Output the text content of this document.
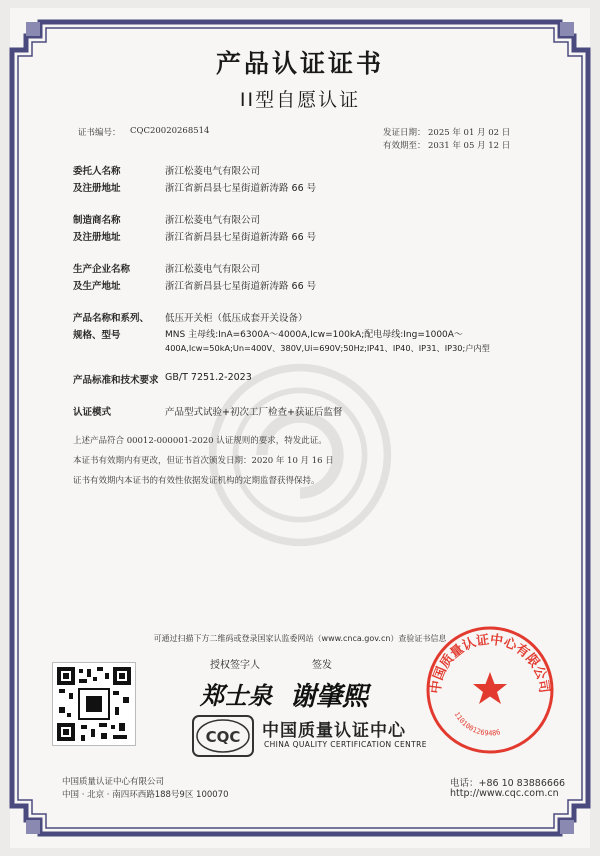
产品认证证书
II型自愿认证
证书编号： CQC20020268514	发证日期： 2025 年 01 月 02 日
有效期至： 2031 年 05 月 12 日
委托人名称	浙江松菱电气有限公司
及注册地址	浙江省新昌县七星街道新涛路 66 号
制造商名称	浙江松菱电气有限公司
及注册地址	浙江省新昌县七星街道新涛路 66 号
生产企业名称	浙江松菱电气有限公司
及生产地址	浙江省新昌县七星街道新涛路 66 号
产品名称和系列、
规格、型号
低压开关柜（低压成套开关设备）
MNS 主母线:InA=6300A～4000A,Icw=100kA;配电母线:Ing=1000A～
400A,Icw=50kA;Un=400V、380V,Ui=690V;50Hz;IP41、IP40、IP31、IP30;户内型
产品标准和技术要求 GB/T 7251.2-2023
认证模式	产品型式试验+初次工厂检查+获证后监督
上述产品符合 00012-000001-2020 认证规则的要求，特发此证。
本证书有效期内有更改，但证书首次颁发日期：2020 年 10 月 16 日
证书有效期内本证书的有效性依据发证机构的定期监督获得保持。
可通过扫描下方二维码或登录国家认监委网站（www.cnca.gov.cn）查验证书信息
授权签字人	签发
郑士泉 谢肇熙
CQC 中国质量认证中心
CHINA QUALITY CERTIFICATION CENTRE
中国质量认证中心有限公司
1101001269486
中国质量认证中心有限公司
中国 · 北京 · 南四环西路188号9区 100070
电话：+86 10 83886666
http://www.cqc.com.cn
